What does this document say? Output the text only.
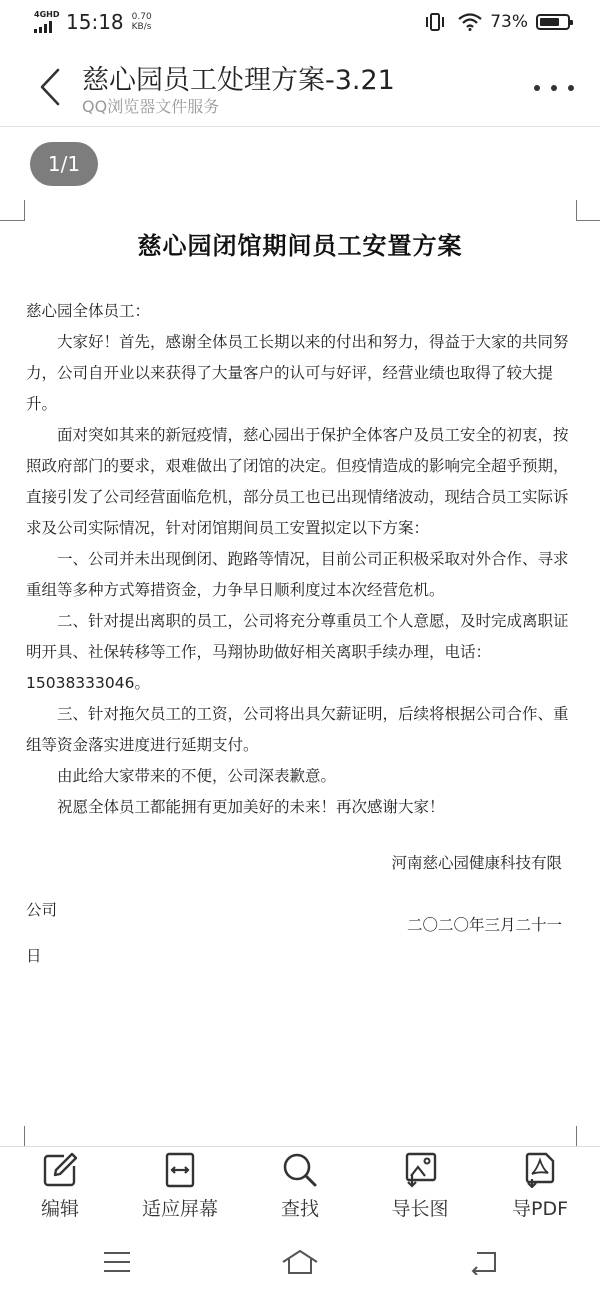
4GHD 15:18 0.70
KB/s	73%
慈心园员工处理方案-3.21
QQ浏览器文件服务
1/1
慈心园闭馆期间员工安置方案

慈心园全体员工：

大家好！首先，感谢全体员工长期以来的付出和努力，得益于大家的共同努力，公司自开业以来获得了大量客户的认可与好评，经营业绩也取得了较大提升。

面对突如其来的新冠疫情，慈心园出于保护全体客户及员工安全的初衷，按照政府部门的要求，艰难做出了闭馆的决定。但疫情造成的影响完全超乎预期，直接引发了公司经营面临危机，部分员工也已出现情绪波动，现结合员工实际诉求及公司实际情况，针对闭馆期间员工安置拟定以下方案：

一、公司并未出现倒闭、跑路等情况，目前公司正积极采取对外合作、寻求重组等多种方式筹措资金，力争早日顺利度过本次经营危机。

二、针对提出离职的员工，公司将充分尊重员工个人意愿，及时完成离职证明开具、社保转移等工作，马翔协助做好相关离职手续办理，电话：15038333046。

三、针对拖欠员工的工资，公司将出具欠薪证明，后续将根据公司合作、重组等资金落实进度进行延期支付。

由此给大家带来的不便，公司深表歉意。

祝愿全体员工都能拥有更加美好的未来！再次感谢大家！

河南慈心园健康科技有限
公司
二〇二〇年三月二十一
日
编辑	适应屏幕	查找	导长图	导PDF
